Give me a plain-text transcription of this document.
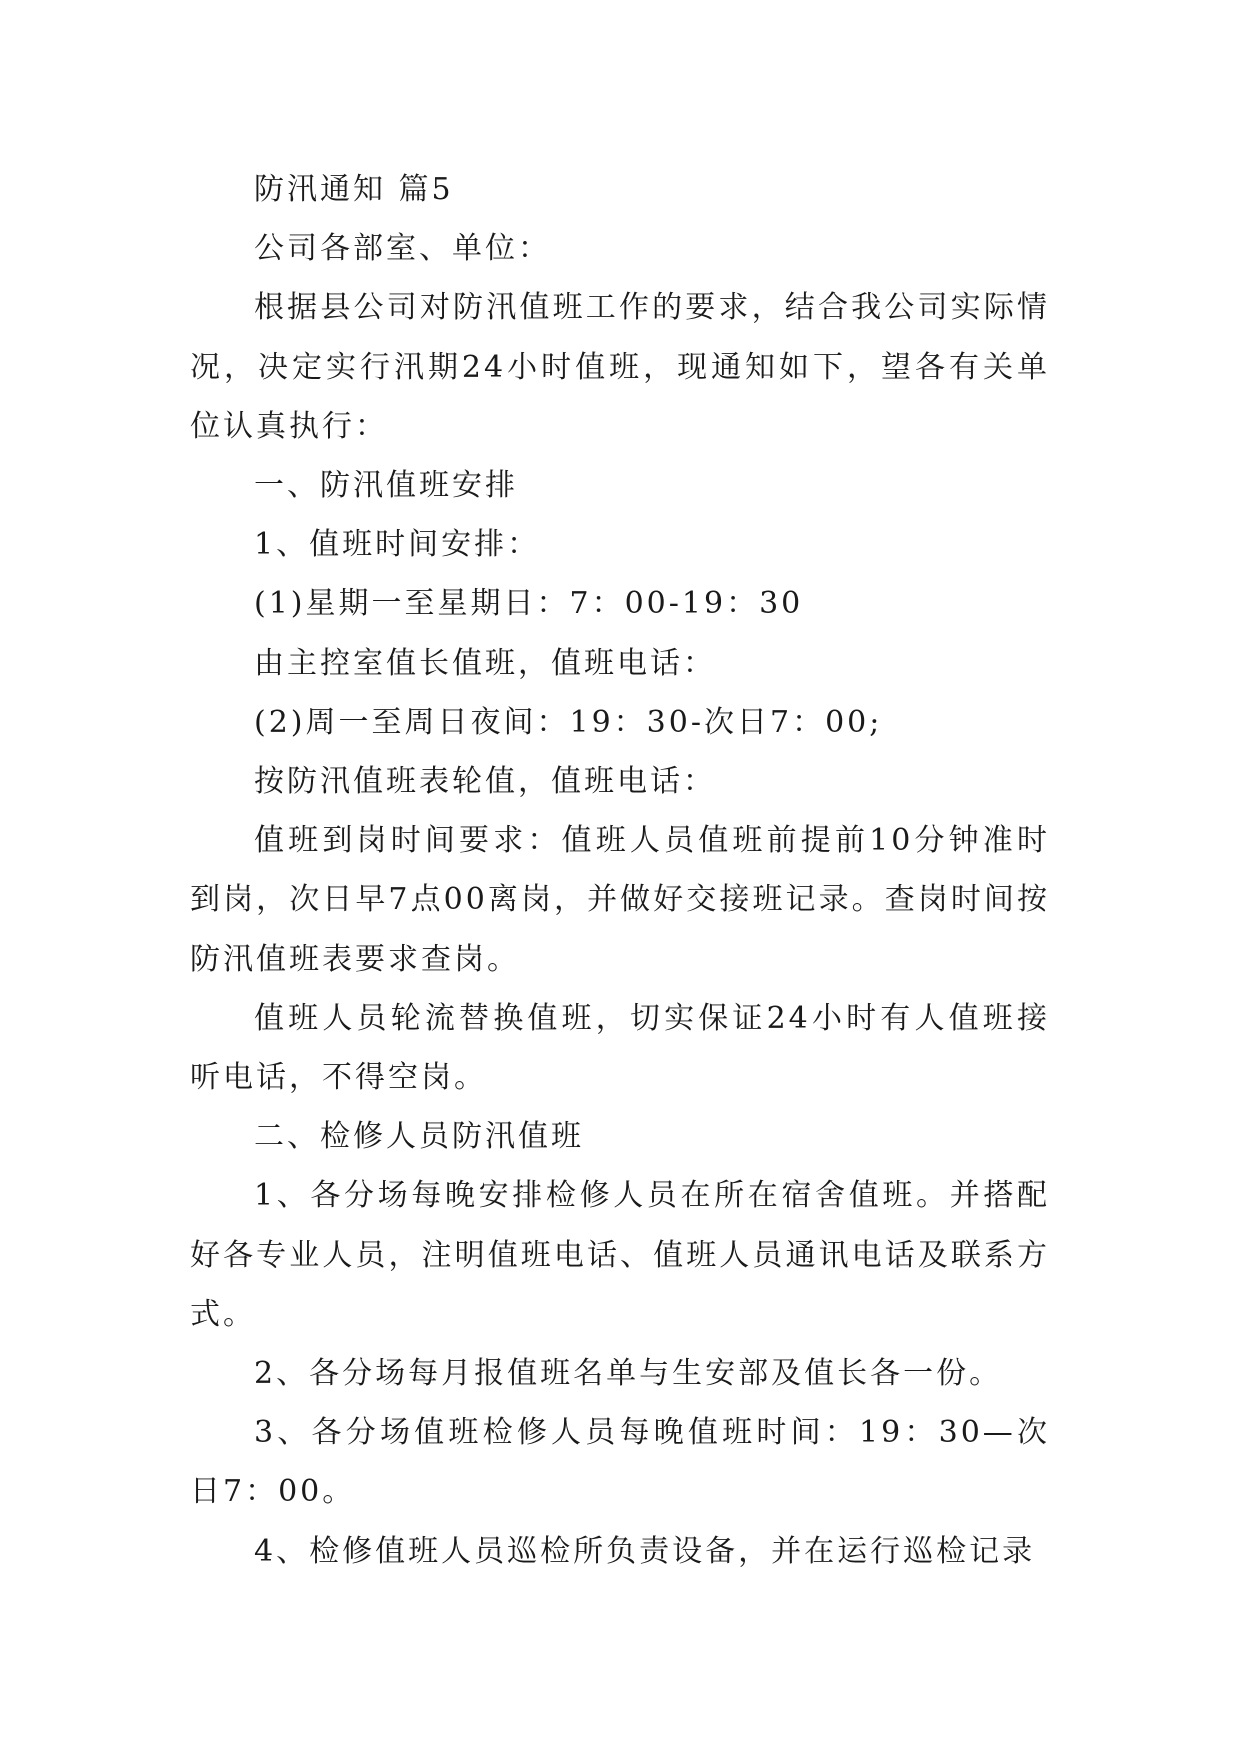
防汛通知 篇5

公司各部室、单位：

根据县公司对防汛值班工作的要求，结合我公司实际情况，决定实行汛期24小时值班，现通知如下，望各有关单位认真执行：

一、防汛值班安排

1、值班时间安排：

(1)星期一至星期日：7：00-19：30

由主控室值长值班，值班电话：

(2)周一至周日夜间：19：30-次日7：00;

按防汛值班表轮值，值班电话：

值班到岗时间要求：值班人员值班前提前10分钟准时到岗，次日早7点00离岗，并做好交接班记录。查岗时间按防汛值班表要求查岗。

值班人员轮流替换值班，切实保证24小时有人值班接听电话，不得空岗。

二、检修人员防汛值班

1、各分场每晚安排检修人员在所在宿舍值班。并搭配好各专业人员，注明值班电话、值班人员通讯电话及联系方式。

2、各分场每月报值班名单与生安部及值长各一份。

3、各分场值班检修人员每晚值班时间：19：30—次日7：00。

4、检修值班人员巡检所负责设备，并在运行巡检记录
